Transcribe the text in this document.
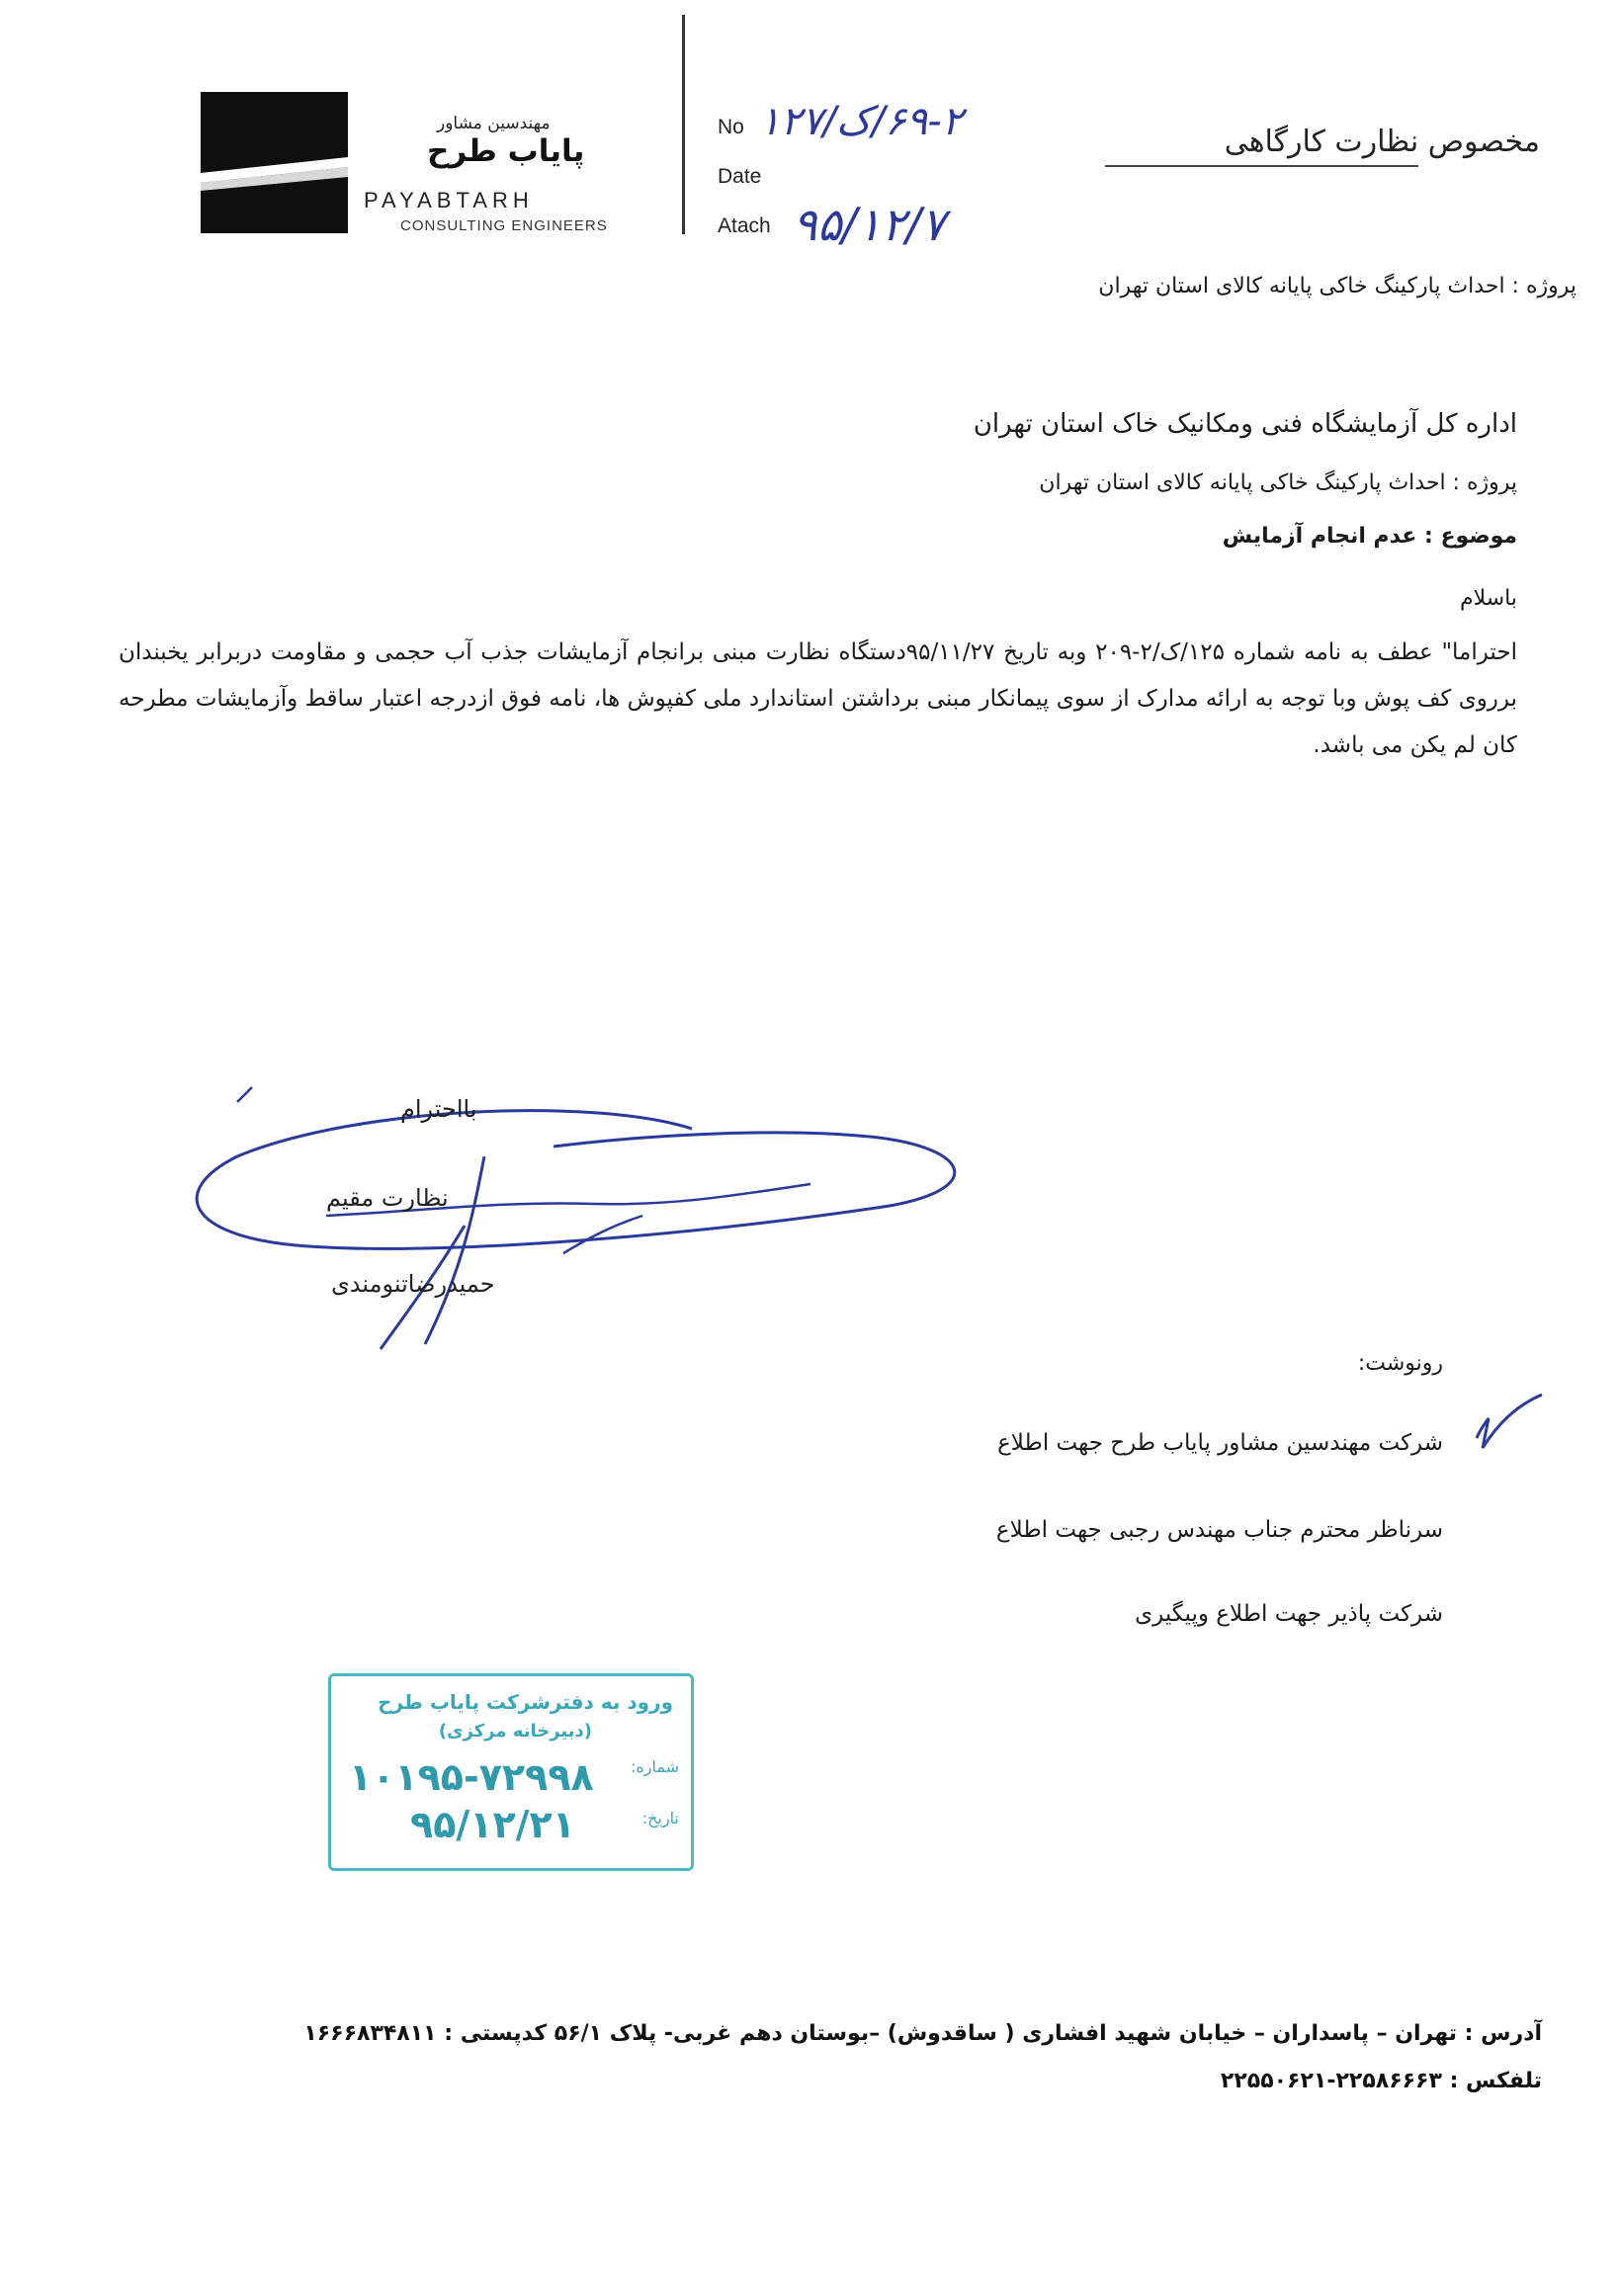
مهندسین مشاور
پایاب طرح
PAYABTARH
CONSULTING ENGINEERS
No
Date
Atach
۶۹-۲/ک/۱۲۷
۹۵/۱۲/۷
مخصوص نظارت کارگاهی
پروژه : احداث پارکینگ خاکی پایانه کالای استان تهران
اداره کل آزمایشگاه فنی ومکانیک خاک استان تهران
پروژه : احداث پارکینگ خاکی پایانه کالای استان تهران
موضوع : عدم انجام آزمایش
باسلام
احتراما" عطف به نامه شماره ۱۲۵/ک/۲-۲۰۹ وبه تاریخ ۹۵/۱۱/۲۷دستگاه نظارت مبنی برانجام آزمایشات جذب آب حجمی و مقاومت دربرابر یخبندان برروی کف پوش وبا توجه به ارائه مدارک از سوی پیمانکار مبنی برداشتن استاندارد ملی کفپوش ها، نامه فوق ازدرجه اعتبار ساقط وآزمایشات مطرحه کان لم یکن می باشد.
بااحترام
نظارت مقیم
حمیدرضاتنومندی
رونوشت:
شرکت مهندسین مشاور پایاب طرح جهت اطلاع
سرناظر محترم جناب مهندس رجبی جهت اطلاع
شرکت پاذیر جهت اطلاع وپیگیری
ورود به دفترشرکت پایاب طرح
(دبیرخانه مرکزی)
شماره:
تاریخ:
۱۰۱۹۵-۷۲۹۹۸
۹۵/۱۲/۲۱
آدرس : تهران – پاسداران – خیابان شهید افشاری ( ساقدوش) –بوستان دهم غربی- پلاک ۵۶/۱ کدپستی : ۱۶۶۶۸۳۴۸۱۱
تلفکس : ۲۲۵۸۶۶۶۳-۲۲۵۵۰۶۲۱
